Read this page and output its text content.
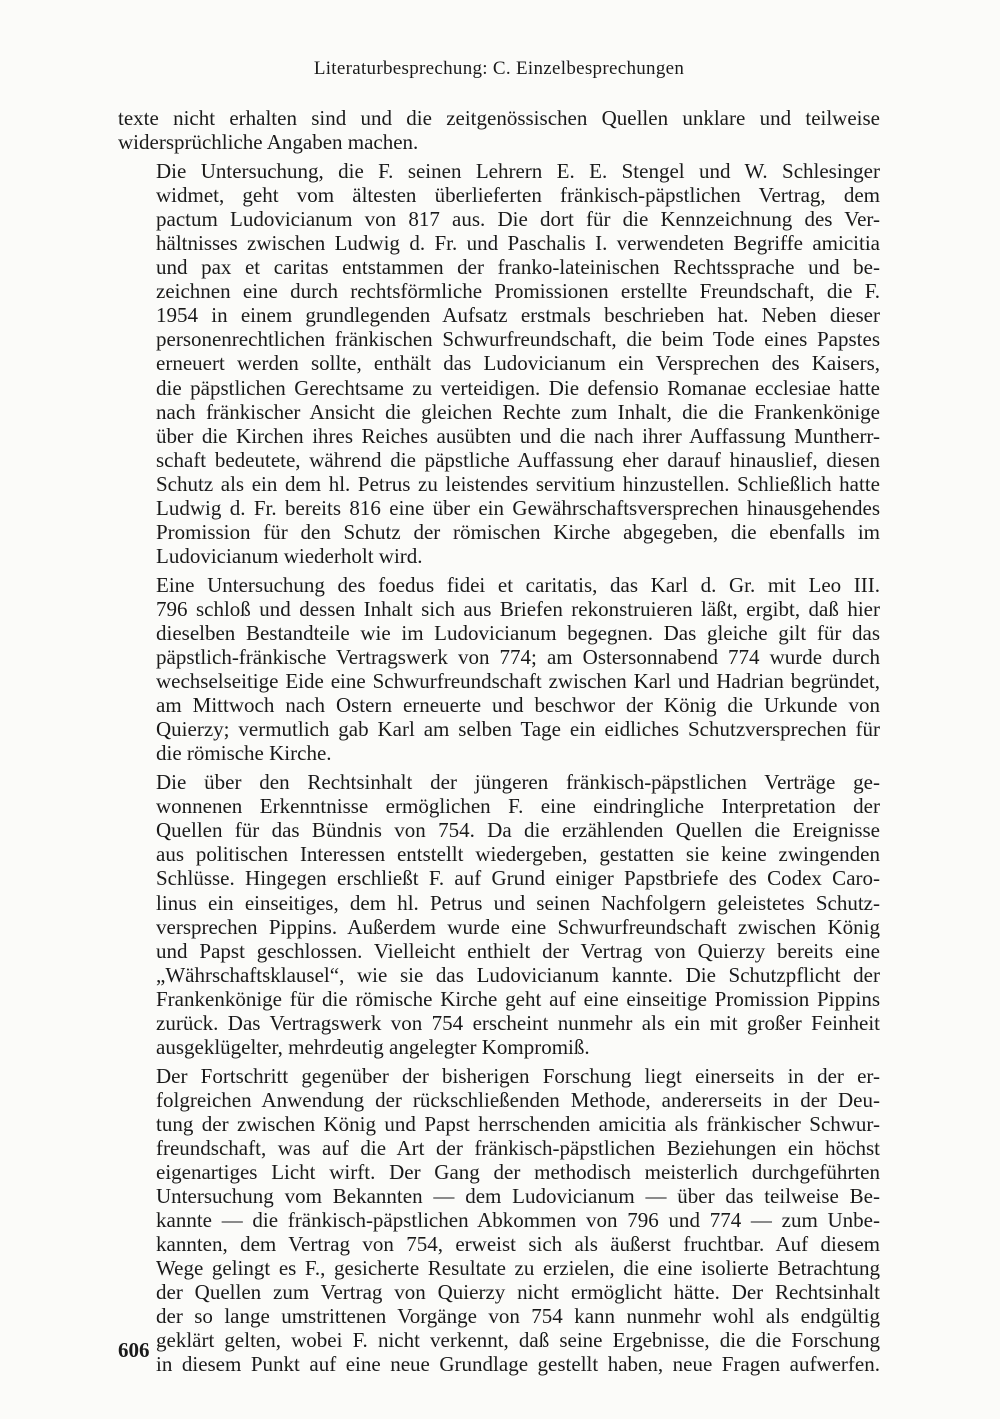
Literaturbesprechung: C. Einzelbesprechungen

texte nicht erhalten sind und die zeitgenössischen Quellen unklare und teilweise
widersprüchliche Angaben machen.

Die Untersuchung, die F. seinen Lehrern E. E. Stengel und W. Schlesinger
widmet, geht vom ältesten überlieferten fränkisch-päpstlichen Vertrag, dem
pactum Ludovicianum von 817 aus. Die dort für die Kennzeichnung des Ver-
hältnisses zwischen Ludwig d. Fr. und Paschalis I. verwendeten Begriffe amicitia
und pax et caritas entstammen der franko-lateinischen Rechtssprache und be-
zeichnen eine durch rechtsförmliche Promissionen erstellte Freundschaft, die F.
1954 in einem grundlegenden Aufsatz erstmals beschrieben hat. Neben dieser
personenrechtlichen fränkischen Schwurfreundschaft, die beim Tode eines Papstes
erneuert werden sollte, enthält das Ludovicianum ein Versprechen des Kaisers,
die päpstlichen Gerechtsame zu verteidigen. Die defensio Romanae ecclesiae hatte
nach fränkischer Ansicht die gleichen Rechte zum Inhalt, die die Frankenkönige
über die Kirchen ihres Reiches ausübten und die nach ihrer Auffassung Muntherr-
schaft bedeutete, während die päpstliche Auffassung eher darauf hinauslief, diesen
Schutz als ein dem hl. Petrus zu leistendes servitium hinzustellen. Schließlich hatte
Ludwig d. Fr. bereits 816 eine über ein Gewährschaftsversprechen hinausgehendes
Promission für den Schutz der römischen Kirche abgegeben, die ebenfalls im
Ludovicianum wiederholt wird.

Eine Untersuchung des foedus fidei et caritatis, das Karl d. Gr. mit Leo III.
796 schloß und dessen Inhalt sich aus Briefen rekonstruieren läßt, ergibt, daß hier
dieselben Bestandteile wie im Ludovicianum begegnen. Das gleiche gilt für das
päpstlich-fränkische Vertragswerk von 774; am Ostersonnabend 774 wurde durch
wechselseitige Eide eine Schwurfreundschaft zwischen Karl und Hadrian begründet,
am Mittwoch nach Ostern erneuerte und beschwor der König die Urkunde von
Quierzy; vermutlich gab Karl am selben Tage ein eidliches Schutzversprechen für
die römische Kirche.

Die über den Rechtsinhalt der jüngeren fränkisch-päpstlichen Verträge ge-
wonnenen Erkenntnisse ermöglichen F. eine eindringliche Interpretation der
Quellen für das Bündnis von 754. Da die erzählenden Quellen die Ereignisse
aus politischen Interessen entstellt wiedergeben, gestatten sie keine zwingenden
Schlüsse. Hingegen erschließt F. auf Grund einiger Papstbriefe des Codex Caro-
linus ein einseitiges, dem hl. Petrus und seinen Nachfolgern geleistetes Schutz-
versprechen Pippins. Außerdem wurde eine Schwurfreundschaft zwischen König
und Papst geschlossen. Vielleicht enthielt der Vertrag von Quierzy bereits eine
„Währschaftsklausel“, wie sie das Ludovicianum kannte. Die Schutzpflicht der
Frankenkönige für die römische Kirche geht auf eine einseitige Promission Pippins
zurück. Das Vertragswerk von 754 erscheint nunmehr als ein mit großer Feinheit
ausgeklügelter, mehrdeutig angelegter Kompromiß.

Der Fortschritt gegenüber der bisherigen Forschung liegt einerseits in der er-
folgreichen Anwendung der rückschließenden Methode, andererseits in der Deu-
tung der zwischen König und Papst herrschenden amicitia als fränkischer Schwur-
freundschaft, was auf die Art der fränkisch-päpstlichen Beziehungen ein höchst
eigenartiges Licht wirft. Der Gang der methodisch meisterlich durchgeführten
Untersuchung vom Bekannten — dem Ludovicianum — über das teilweise Be-
kannte — die fränkisch-päpstlichen Abkommen von 796 und 774 — zum Unbe-
kannten, dem Vertrag von 754, erweist sich als äußerst fruchtbar. Auf diesem
Wege gelingt es F., gesicherte Resultate zu erzielen, die eine isolierte Betrachtung
der Quellen zum Vertrag von Quierzy nicht ermöglicht hätte. Der Rechtsinhalt
der so lange umstrittenen Vorgänge von 754 kann nunmehr wohl als endgültig
geklärt gelten, wobei F. nicht verkennt, daß seine Ergebnisse, die die Forschung
in diesem Punkt auf eine neue Grundlage gestellt haben, neue Fragen aufwerfen.

606
